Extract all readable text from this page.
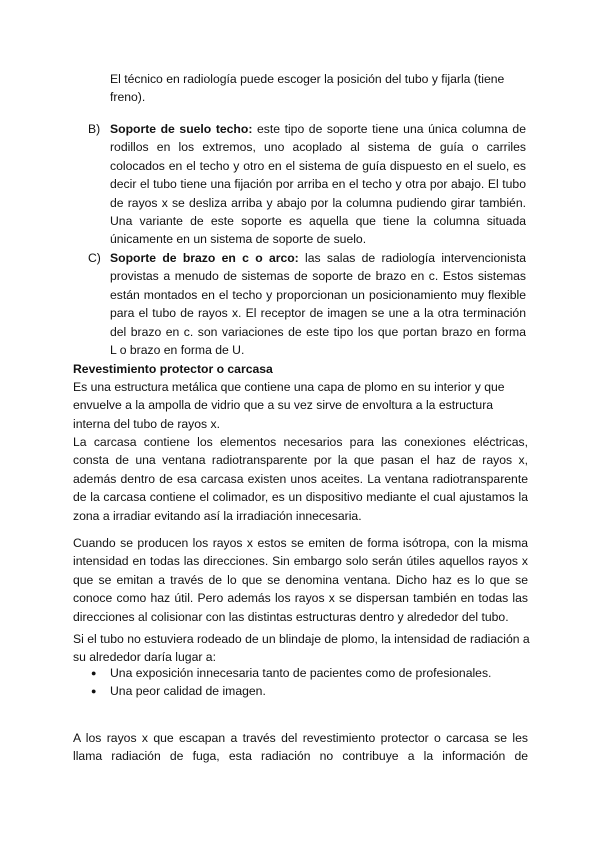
El técnico en radiología puede escoger la posición del tubo y fijarla (tiene
freno).
B) Soporte de suelo techo: este tipo de soporte tiene una única columna de
rodillos en los extremos, uno acoplado al sistema de guía o carriles
colocados en el techo y otro en el sistema de guía dispuesto en el suelo, es
decir el tubo tiene una fijación por arriba en el techo y otra por abajo. El tubo
de rayos x se desliza arriba y abajo por la columna pudiendo girar también.
Una variante de este soporte es aquella que tiene la columna situada
únicamente en un sistema de soporte de suelo.
C) Soporte de brazo en c o arco: las salas de radiología intervencionista
provistas a menudo de sistemas de soporte de brazo en c. Estos sistemas
están montados en el techo y proporcionan un posicionamiento muy flexible
para el tubo de rayos x. El receptor de imagen se une a la otra terminación
del brazo en c. son variaciones de este tipo los que portan brazo en forma
L o brazo en forma de U.
Revestimiento protector o carcasa
Es una estructura metálica que contiene una capa de plomo en su interior y que
envuelve a la ampolla de vidrio que a su vez sirve de envoltura a la estructura
interna del tubo de rayos x.
La carcasa contiene los elementos necesarios para las conexiones eléctricas,
consta de una ventana radiotransparente por la que pasan el haz de rayos x,
además dentro de esa carcasa existen unos aceites. La ventana radiotransparente
de la carcasa contiene el colimador, es un dispositivo mediante el cual ajustamos la
zona a irradiar evitando así la irradiación innecesaria.
Cuando se producen los rayos x estos se emiten de forma isótropa, con la misma
intensidad en todas las direcciones. Sin embargo solo serán útiles aquellos rayos x
que se emitan a través de lo que se denomina ventana. Dicho haz es lo que se
conoce como haz útil. Pero además los rayos x se dispersan también en todas las
direcciones al colisionar con las distintas estructuras dentro y alrededor del tubo.
Si el tubo no estuviera rodeado de un blindaje de plomo, la intensidad de radiación a
su alrededor daría lugar a:
● Una exposición innecesaria tanto de pacientes como de profesionales.
● Una peor calidad de imagen.
A los rayos x que escapan a través del revestimiento protector o carcasa se les
llama radiación de fuga, esta radiación no contribuye a la información de
